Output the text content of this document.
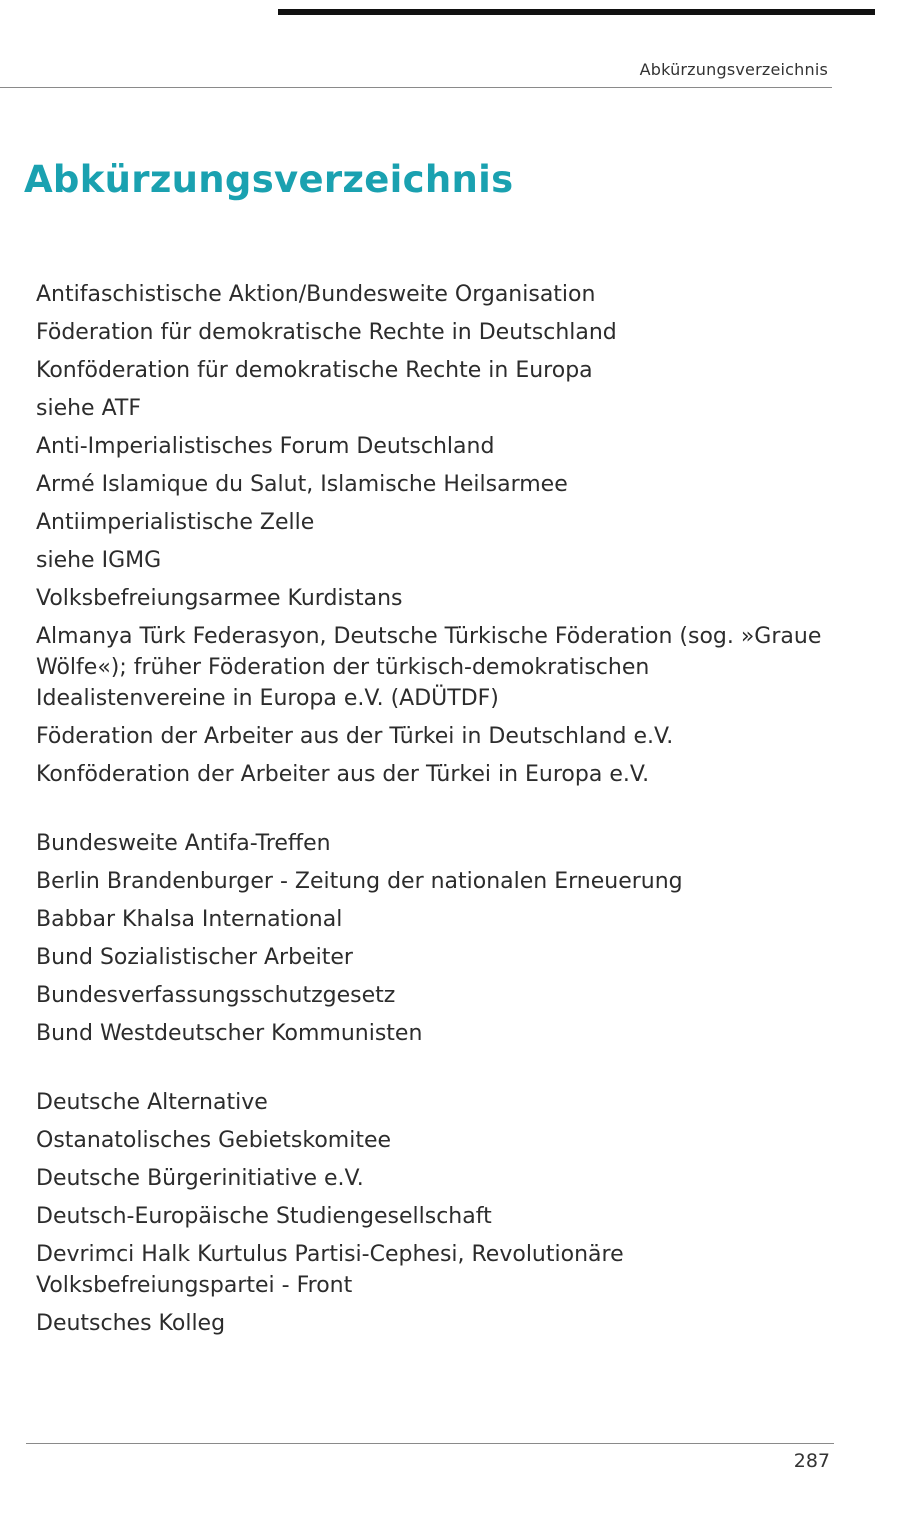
Abkürzungsverzeichnis
Abkürzungsverzeichnis
Antifaschistische Aktion/Bundesweite Organisation
Föderation für demokratische Rechte in Deutschland
Konföderation für demokratische Rechte in Europa
siehe ATF
Anti-Imperialistisches Forum Deutschland
Armé Islamique du Salut, Islamische Heilsarmee
Antiimperialistische Zelle
siehe IGMG
Volksbefreiungsarmee Kurdistans
Almanya Türk Federasyon, Deutsche Türkische Föderation (sog. »Graue Wölfe«); früher Föderation der türkisch-demokratischen Idealistenvereine in Europa e.V. (ADÜTDF)
Föderation der Arbeiter aus der Türkei in Deutschland e.V.
Konföderation der Arbeiter aus der Türkei in Europa e.V.
Bundesweite Antifa-Treffen
Berlin Brandenburger - Zeitung der nationalen Erneuerung
Babbar Khalsa International
Bund Sozialistischer Arbeiter
Bundesverfassungsschutzgesetz
Bund Westdeutscher Kommunisten
Deutsche Alternative
Ostanatolisches Gebietskomitee
Deutsche Bürgerinitiative e.V.
Deutsch-Europäische Studiengesellschaft
Devrimci Halk Kurtulus Partisi-Cephesi, Revolutionäre Volksbefreiungspartei - Front
Deutsches Kolleg
287
